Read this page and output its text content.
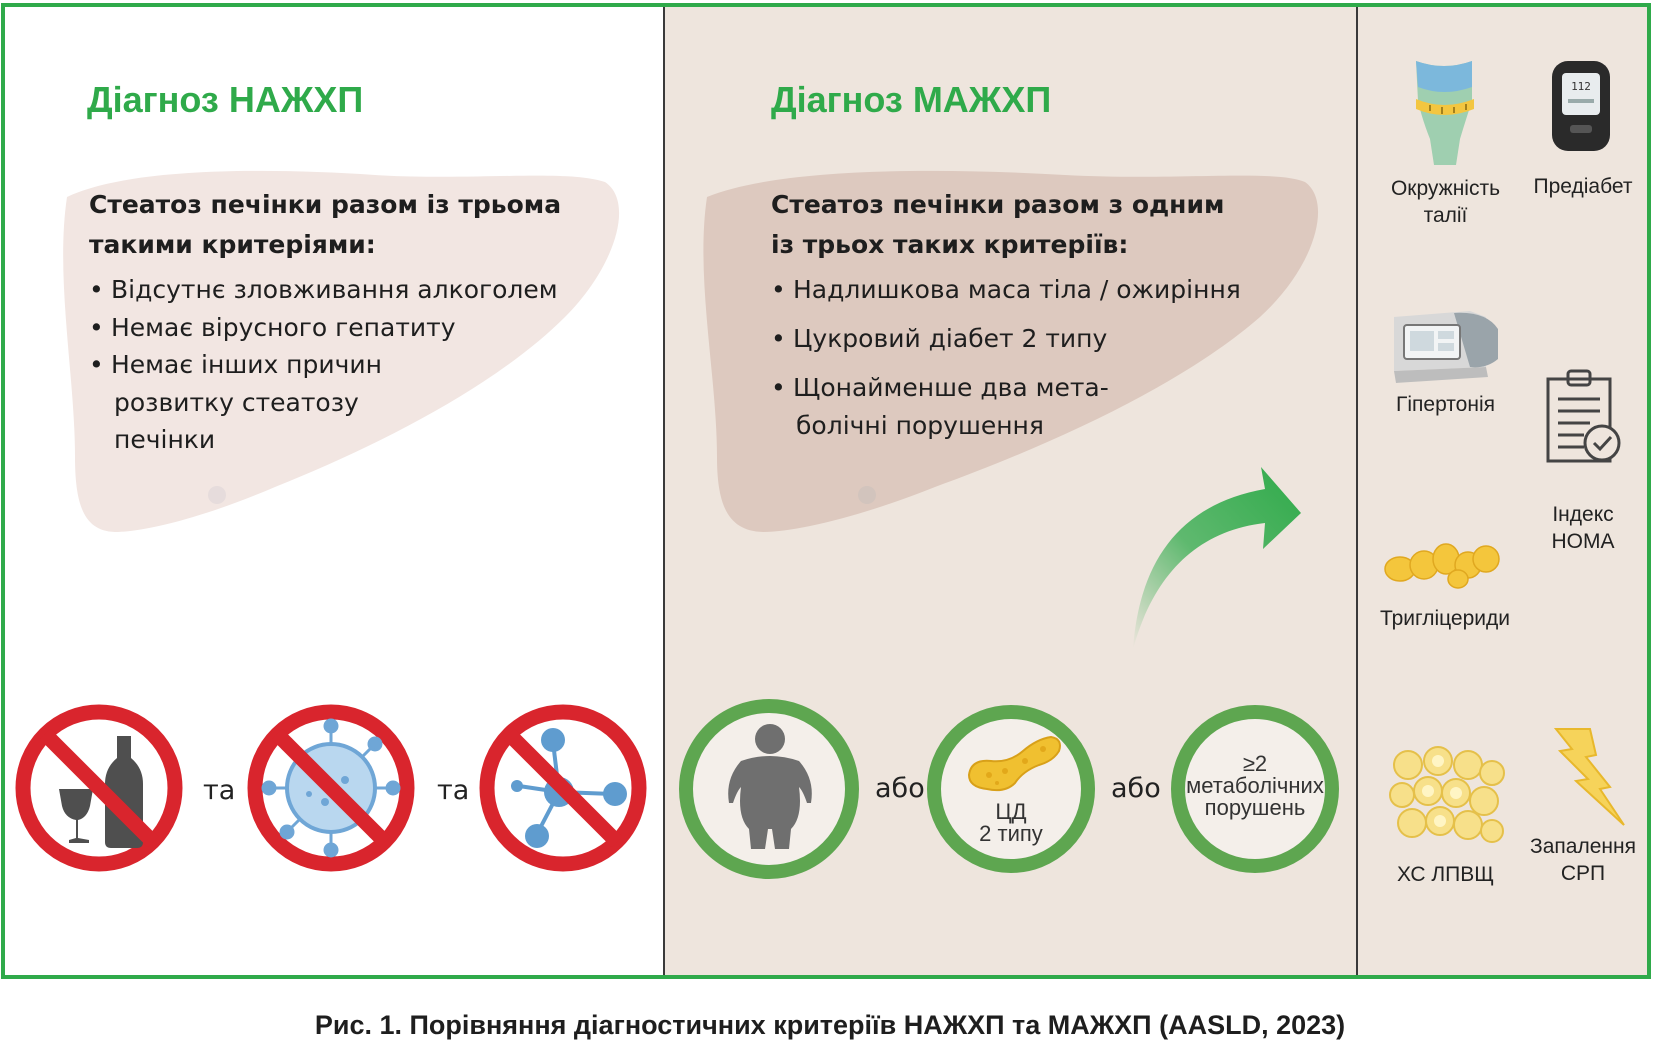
Діагноз НАЖХП
Стеатоз печінки разом із трьома
такими критеріями:
• Відсутнє зловживання алкоголем
• Немає вірусного гепатиту
• Немає інших причин
розвитку стеатозу
печінки
та	та
Діагноз МАЖХП
Стеатоз печінки разом з одним
із трьох таких критеріїв:
• Надлишкова маса тіла / ожиріння
• Цукровий діабет 2 типу
• Щонайменше два мета-
болічні порушення
або
ЦД
2 типу
або
≥2
метаболічних
порушень
Окружність
талії
112
Предіабет
Гіпертонія
Індекс
HOMA
Тригліцериди
ХС ЛПВЩ
Запалення
СРП
Рис. 1. Порівняння діагностичних критеріїв НАЖХП та МАЖХП (AASLD, 2023)
